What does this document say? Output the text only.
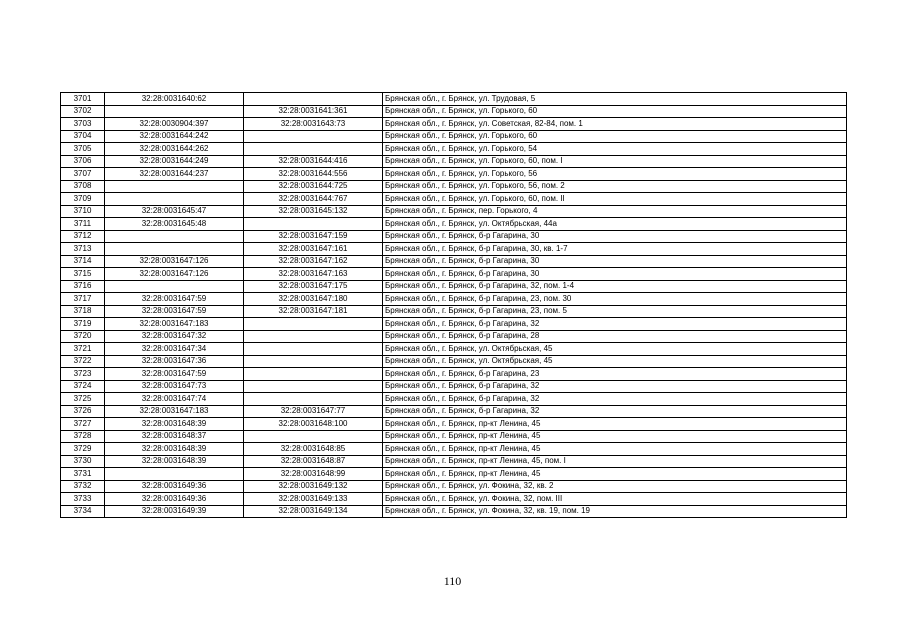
3701	32:28:0031640:62		Брянская обл., г. Брянск, ул. Трудовая, 5
3702		32:28:0031641:361	Брянская обл., г. Брянск, ул. Горького, 60
3703	32:28:0030904:397	32:28:0031643:73	Брянская обл., г. Брянск, ул. Советская, 82-84, пом. 1
3704	32:28:0031644:242		Брянская обл., г. Брянск, ул. Горького, 60
3705	32:28:0031644:262		Брянская обл., г. Брянск, ул. Горького, 54
3706	32:28:0031644:249	32:28:0031644:416	Брянская обл., г. Брянск, ул. Горького, 60, пом. I
3707	32:28:0031644:237	32:28:0031644:556	Брянская обл., г. Брянск, ул. Горького, 56
3708		32:28:0031644:725	Брянская обл., г. Брянск, ул. Горького, 56, пом. 2
3709		32:28:0031644:767	Брянская обл., г. Брянск, ул. Горького, 60, пом. II
3710	32:28:0031645:47	32:28:0031645:132	Брянская обл., г. Брянск, пер. Горького, 4
3711	32:28:0031645:48		Брянская обл., г. Брянск, ул. Октябрьская, 44а
3712		32:28:0031647:159	Брянская обл., г. Брянск, б-р Гагарина, 30
3713		32:28:0031647:161	Брянская обл., г. Брянск, б-р Гагарина, 30, кв. 1-7
3714	32:28:0031647:126	32:28:0031647:162	Брянская обл., г. Брянск, б-р Гагарина, 30
3715	32:28:0031647:126	32:28:0031647:163	Брянская обл., г. Брянск, б-р Гагарина, 30
3716		32:28:0031647:175	Брянская обл., г. Брянск, б-р Гагарина, 32, пом. 1-4
3717	32:28:0031647:59	32:28:0031647:180	Брянская обл., г. Брянск, б-р Гагарина, 23, пом. 30
3718	32:28:0031647:59	32:28:0031647:181	Брянская обл., г. Брянск, б-р Гагарина, 23, пом. 5
3719	32:28:0031647:183		Брянская обл., г. Брянск, б-р Гагарина, 32
3720	32:28:0031647:32		Брянская обл., г. Брянск, б-р Гагарина, 28
3721	32:28:0031647:34		Брянская обл., г. Брянск, ул. Октябрьская, 45
3722	32:28:0031647:36		Брянская обл., г. Брянск, ул. Октябрьская, 45
3723	32:28:0031647:59		Брянская обл., г. Брянск, б-р Гагарина, 23
3724	32:28:0031647:73		Брянская обл., г. Брянск, б-р Гагарина, 32
3725	32:28:0031647:74		Брянская обл., г. Брянск, б-р Гагарина, 32
3726	32:28:0031647:183	32:28:0031647:77	Брянская обл., г. Брянск, б-р Гагарина, 32
3727	32:28:0031648:39	32:28:0031648:100	Брянская обл., г. Брянск, пр-кт Ленина, 45
3728	32:28:0031648:37		Брянская обл., г. Брянск, пр-кт Ленина, 45
3729	32:28:0031648:39	32:28:0031648:85	Брянская обл., г. Брянск, пр-кт Ленина, 45
3730	32:28:0031648:39	32:28:0031648:87	Брянская обл., г. Брянск, пр-кт Ленина, 45, пом. I
3731		32:28:0031648:99	Брянская обл., г. Брянск, пр-кт Ленина, 45
3732	32:28:0031649:36	32:28:0031649:132	Брянская обл., г. Брянск, ул. Фокина, 32, кв. 2
3733	32:28:0031649:36	32:28:0031649:133	Брянская обл., г. Брянск, ул. Фокина, 32, пом. III
3734	32:28:0031649:39	32:28:0031649:134	Брянская обл., г. Брянск, ул. Фокина, 32, кв. 19, пом. 19
110
